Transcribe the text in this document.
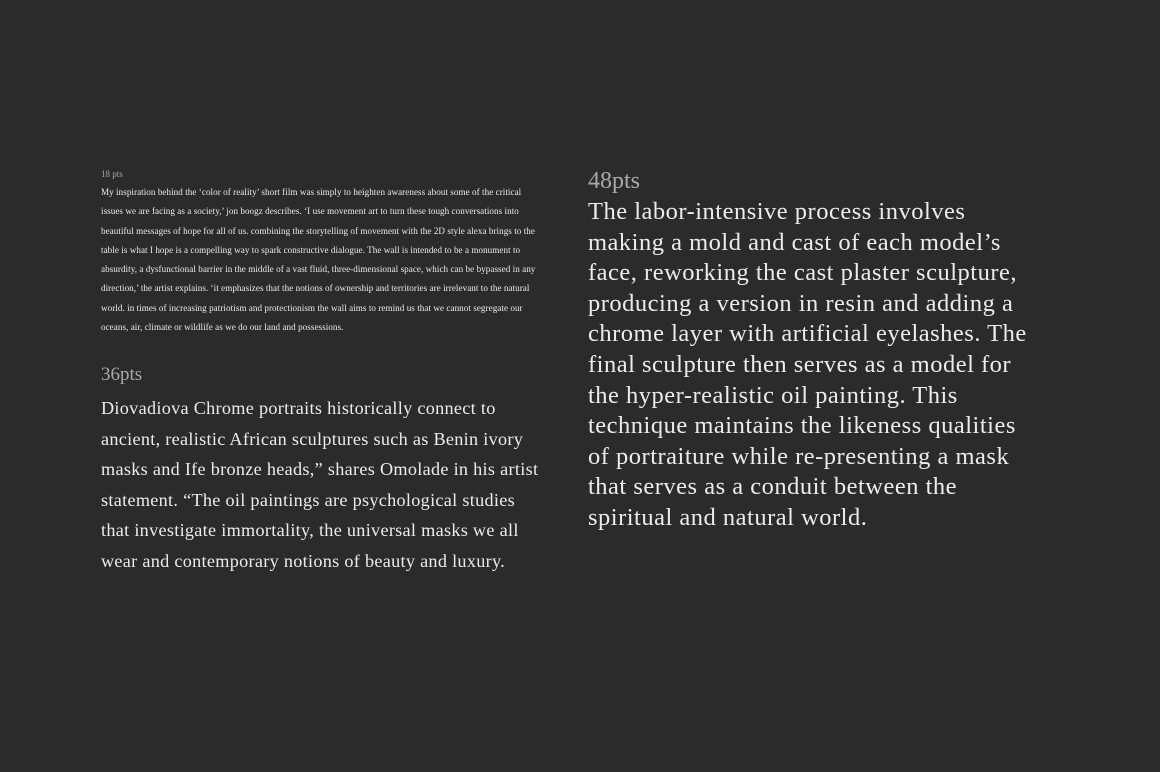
18 pts

My inspiration behind the ‘color of reality’ short film was simply to heighten awareness about some of the critical issues we are facing as a society,’ jon boogz describes. ‘I use movement art to turn these tough conversations into beautiful messages of hope for all of us. combining the storytelling of movement with the 2D style alexa brings to the table is what I hope is a compelling way to spark constructive dialogue. The wall is intended to be a monument to absurdity, a dysfunctional barrier in the middle of a vast fluid, three-dimensional space, which can be bypassed in any direction,’ the artist explains. ‘it emphasizes that the notions of ownership and territories are irrelevant to the natural world. in times of increasing patriotism and protectionism the wall aims to remind us that we cannot segregate our oceans, air, climate or wildlife as we do our land and possessions.

36pts

Diovadiova Chrome portraits historically connect to ancient, realistic African sculptures such as Benin ivory masks and Ife bronze heads,” shares Omolade in his artist statement. “The oil paintings are psychological studies that investigate immortality, the universal masks we all wear and contemporary notions of beauty and luxury.

48pts

The labor-intensive process involves making a mold and cast of each model’s face, reworking the cast plaster sculpture, producing a version in resin and adding a chrome layer with artificial eyelashes. The final sculpture then serves as a model for the hyper-realistic oil painting. This technique maintains the likeness qualities of portraiture while re-presenting a mask that serves as a conduit between the spiritual and natural world.
